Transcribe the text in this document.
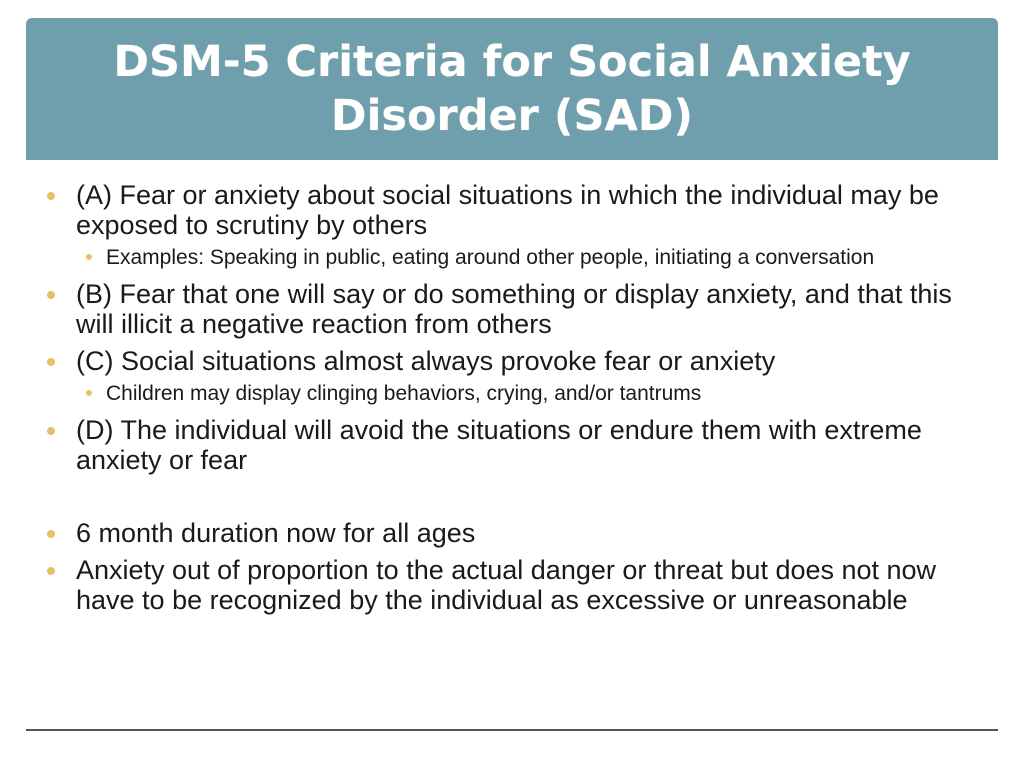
DSM-5 Criteria for Social Anxiety Disorder (SAD)
(A) Fear or anxiety about social situations in which the individual may be exposed to scrutiny by others
Examples: Speaking in public, eating around other people, initiating a conversation
(B) Fear that one will say or do something or display anxiety, and that this will illicit a negative reaction from others
(C) Social situations almost always provoke fear or anxiety
Children may display clinging behaviors, crying, and/or tantrums
(D) The individual will avoid the situations or endure them with extreme anxiety or fear
6 month duration now for all ages
Anxiety out of proportion to the actual danger or threat but does not now have to be recognized by the individual as excessive or unreasonable
